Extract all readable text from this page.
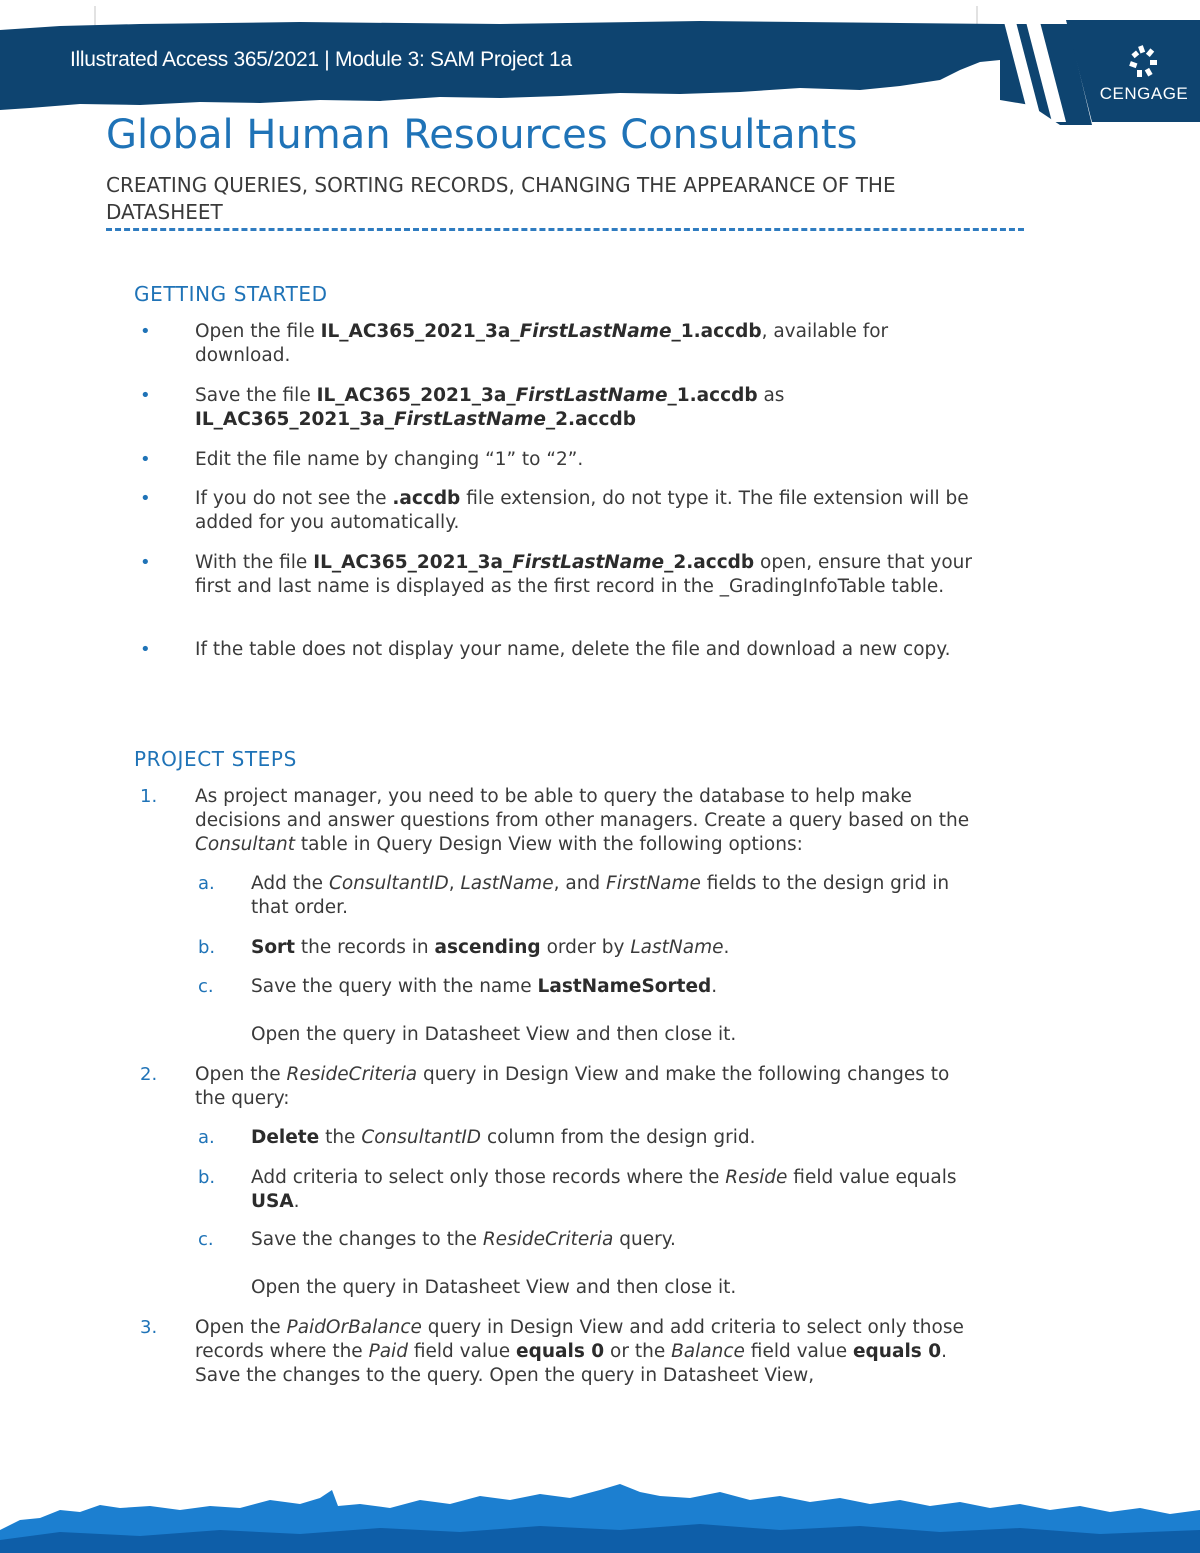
Illustrated Access 365/2021 | Module 3: SAM Project 1a
CENGAGE
Global Human Resources Consultants
CREATING QUERIES, SORTING RECORDS, CHANGING THE APPEARANCE OF THE DATASHEET
GETTING STARTED
• Open the file IL_AC365_2021_3a_FirstLastName_1.accdb, available for download.
• Save the file IL_AC365_2021_3a_FirstLastName_1.accdb as
IL_AC365_2021_3a_FirstLastName_2.accdb
• Edit the file name by changing “1” to “2”.
• If you do not see the .accdb file extension, do not type it. The file extension will be added for you automatically.
• With the file IL_AC365_2021_3a_FirstLastName_2.accdb open, ensure that your first and last name is displayed as the first record in the _GradingInfoTable table.
• If the table does not display your name, delete the file and download a new copy.
PROJECT STEPS
1. As project manager, you need to be able to query the database to help make decisions and answer questions from other managers. Create a query based on the Consultant table in Query Design View with the following options:
a. Add the ConsultantID, LastName, and FirstName fields to the design grid in that order.
b. Sort the records in ascending order by LastName.
c. Save the query with the name LastNameSorted.
Open the query in Datasheet View and then close it.
2. Open the ResideCriteria query in Design View and make the following changes to the query:
a. Delete the ConsultantID column from the design grid.
b. Add criteria to select only those records where the Reside field value equals USA.
c. Save the changes to the ResideCriteria query.
Open the query in Datasheet View and then close it.
3. Open the PaidOrBalance query in Design View and add criteria to select only those records where the Paid field value equals 0 or the Balance field value equals 0. Save the changes to the query. Open the query in Datasheet View,
